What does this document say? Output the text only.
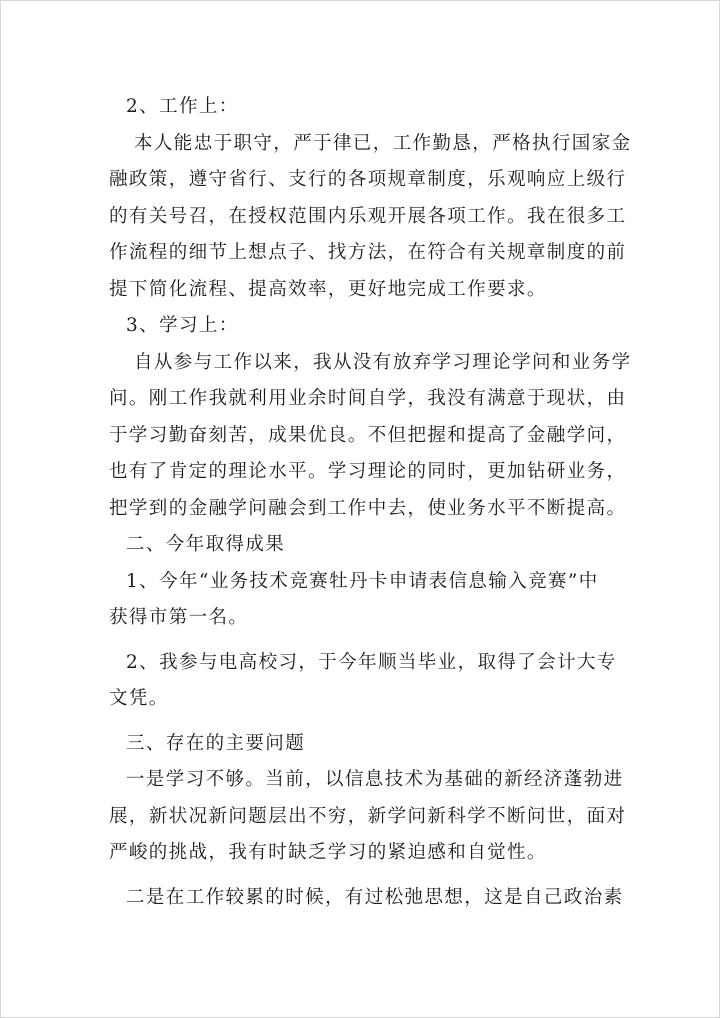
2、工作上：
本人能忠于职守，严于律已，工作勤恳，严格执行国家金
融政策，遵守省行、支行的各项规章制度，乐观响应上级行
的有关号召，在授权范围内乐观开展各项工作。我在很多工
作流程的细节上想点子、找方法，在符合有关规章制度的前
提下简化流程、提高效率，更好地完成工作要求。
3、学习上：
自从参与工作以来，我从没有放弃学习理论学问和业务学
问。刚工作我就利用业余时间自学，我没有满意于现状，由
于学习勤奋刻苦，成果优良。不但把握和提高了金融学问，
也有了肯定的理论水平。学习理论的同时，更加钻研业务，
把学到的金融学问融会到工作中去，使业务水平不断提高。
二、今年取得成果
1、今年“业务技术竞赛牡丹卡申请表信息输入竞赛”中
获得市第一名。
2、我参与电高校习，于今年顺当毕业，取得了会计大专
文凭。
三、存在的主要问题
一是学习不够。当前，以信息技术为基础的新经济蓬勃进
展，新状况新问题层出不穷，新学问新科学不断问世，面对
严峻的挑战，我有时缺乏学习的紧迫感和自觉性。
二是在工作较累的时候，有过松弛思想，这是自己政治素
